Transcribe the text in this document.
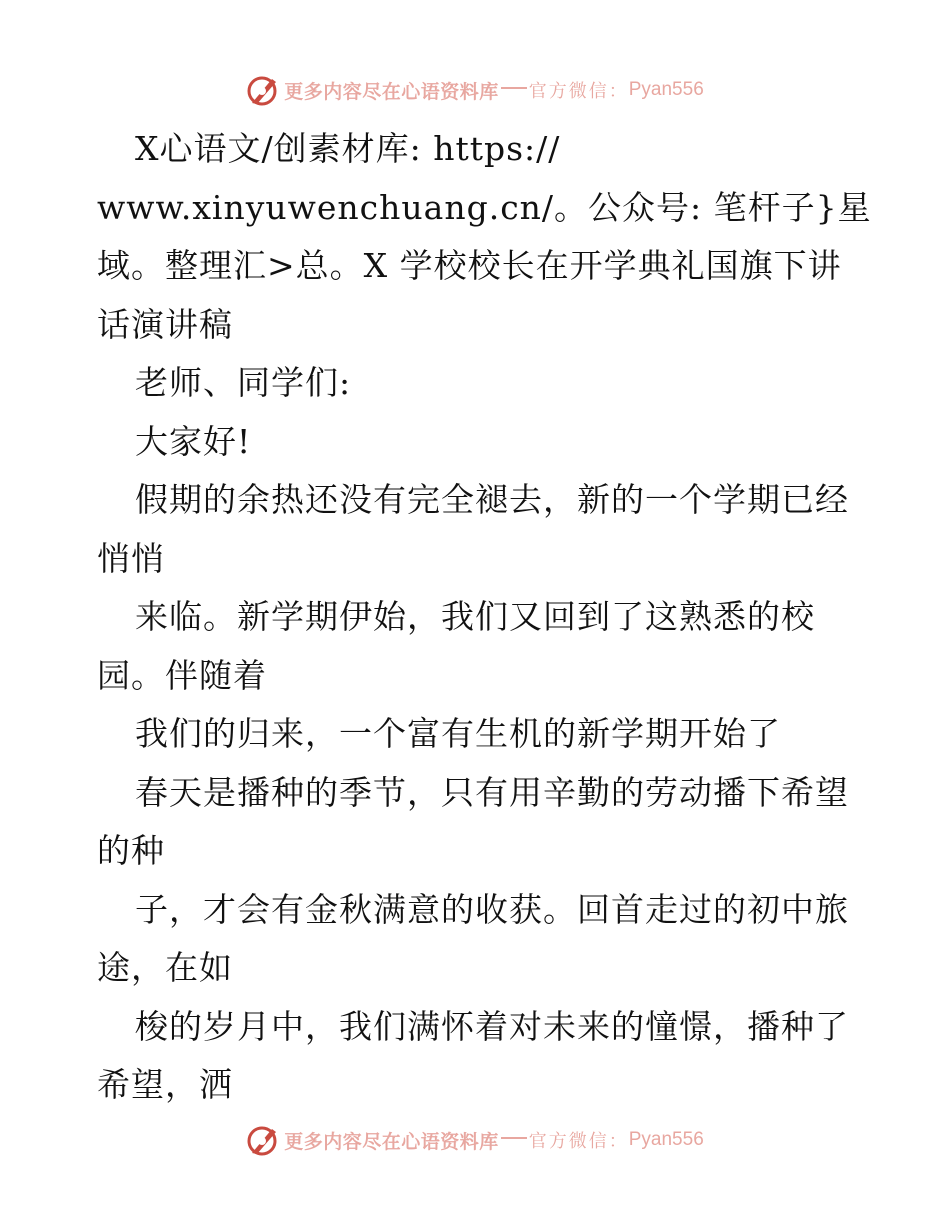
更多内容尽在心语资料库 官方微信： Pyan556
X心语文/创素材库: https://
www.xinyuwenchuang.cn/。公众号: 笔杆子}星
域。整理汇>总。X 学校校长在开学典礼国旗下讲
话演讲稿
老师、同学们:
大家好!
假期的余热还没有完全褪去，新的一个学期已经
悄悄
来临。新学期伊始，我们又回到了这熟悉的校
园。伴随着
我们的归来，一个富有生机的新学期开始了
春天是播种的季节，只有用辛勤的劳动播下希望
的种
子，才会有金秋满意的收获。回首走过的初中旅
途，在如
梭的岁月中，我们满怀着对未来的憧憬，播种了
希望，洒
更多内容尽在心语资料库 官方微信： Pyan556
